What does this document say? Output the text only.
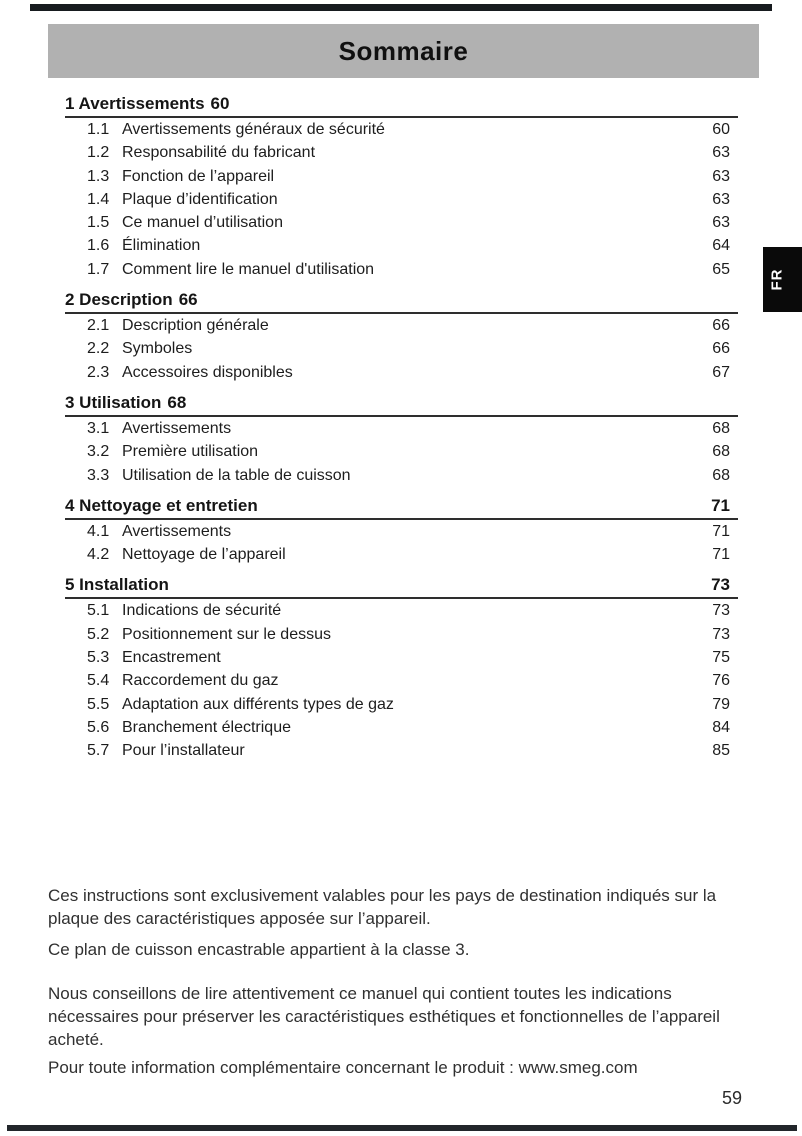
Sommaire
FR
1 Avertissements 60
1.1 Avertissements généraux de sécurité	60
1.2 Responsabilité du fabricant	63
1.3 Fonction de l’appareil	63
1.4 Plaque d’identification	63
1.5 Ce manuel d’utilisation	63
1.6 Élimination	64
1.7 Comment lire le manuel d'utilisation	65
2 Description 66
2.1 Description générale	66
2.2 Symboles	66
2.3 Accessoires disponibles	67
3 Utilisation 68
3.1 Avertissements	68
3.2 Première utilisation	68
3.3 Utilisation de la table de cuisson	68
4 Nettoyage et entretien	71
4.1 Avertissements	71
4.2 Nettoyage de l’appareil	71
5 Installation	73
5.1 Indications de sécurité	73
5.2 Positionnement sur le dessus	73
5.3 Encastrement	75
5.4 Raccordement du gaz	76
5.5 Adaptation aux différents types de gaz	79
5.6 Branchement électrique	84
5.7 Pour l’installateur	85

Ces instructions sont exclusivement valables pour les pays de destination indiqués sur la plaque des caractéristiques apposée sur l’appareil.

Ce plan de cuisson encastrable appartient à la classe 3.

Nous conseillons de lire attentivement ce manuel qui contient toutes les indications nécessaires pour préserver les caractéristiques esthétiques et fonctionnelles de l’appareil acheté.

Pour toute information complémentaire concernant le produit : www.smeg.com

59
